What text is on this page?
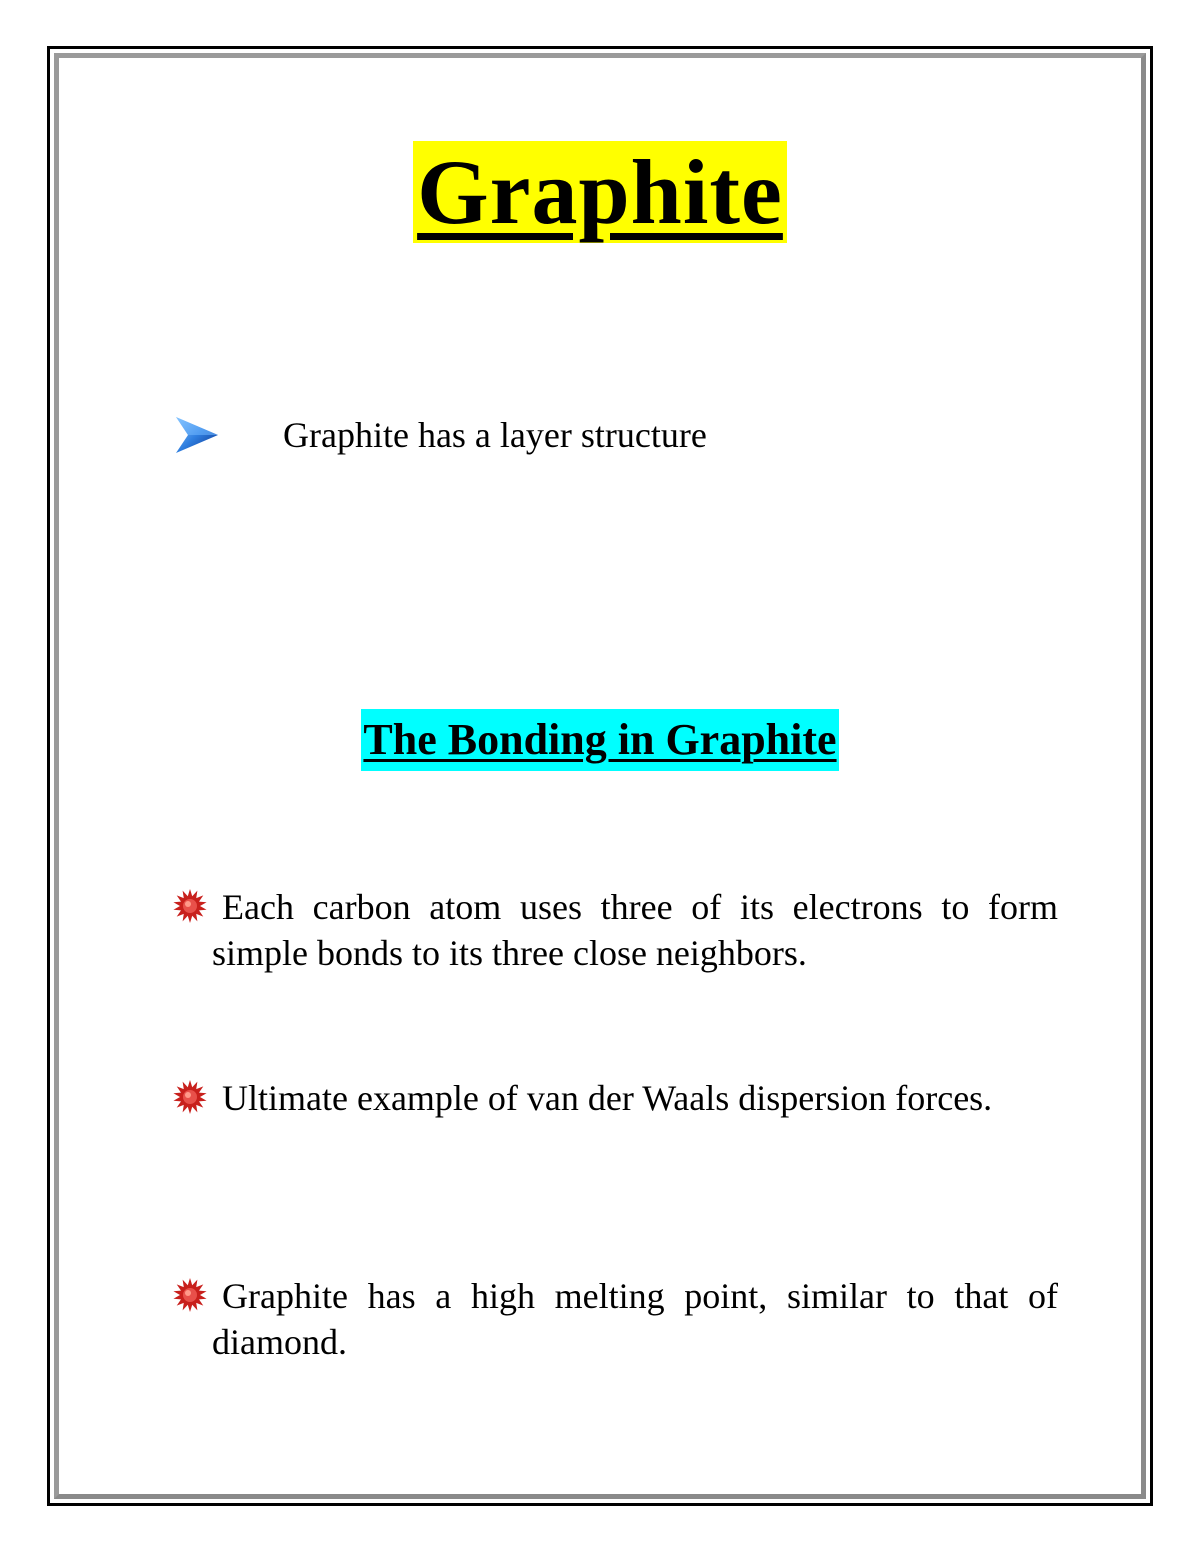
Graphite
Graphite has a layer structure
The Bonding in Graphite
Each carbon atom uses three of its electrons to form simple bonds to its three close neighbors.
Ultimate example of van der Waals dispersion forces.
Graphite has a high melting point, similar to that of diamond.
